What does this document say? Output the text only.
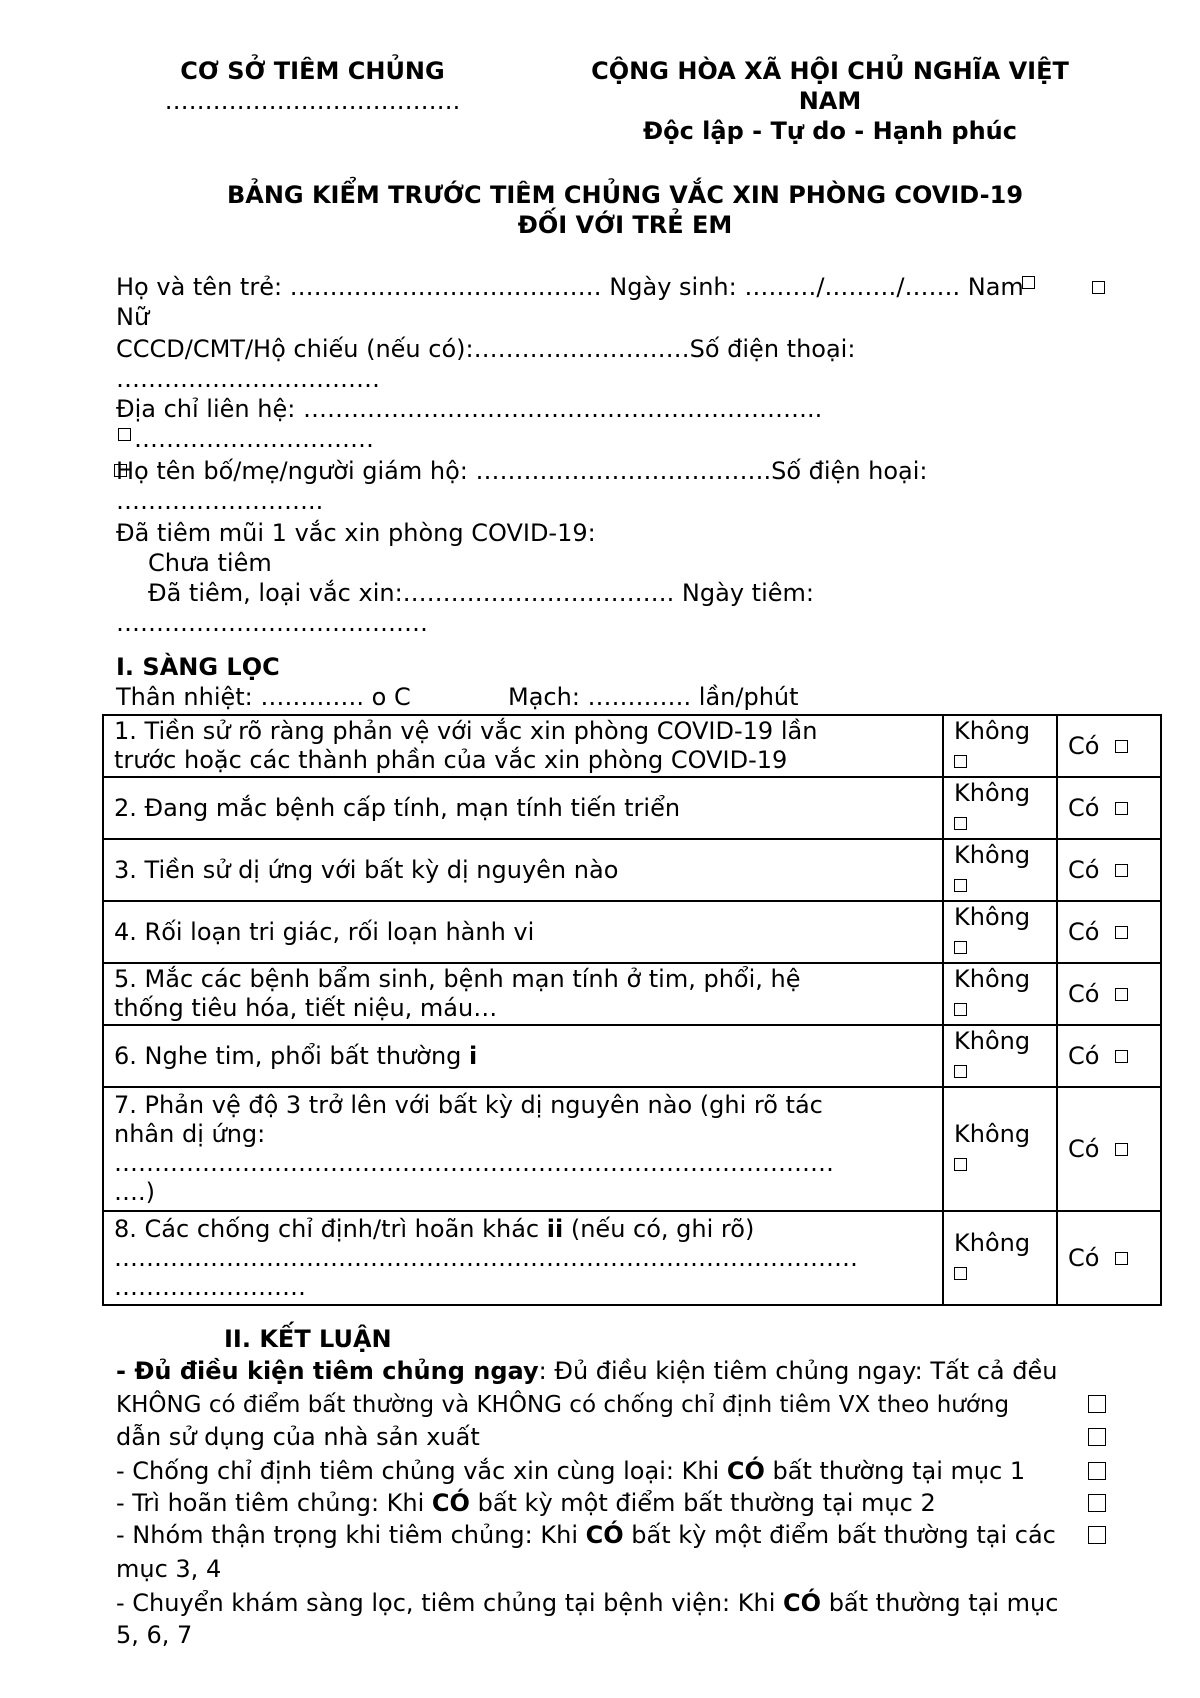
CƠ SỞ TIÊM CHỦNG
……………………………….
CỘNG HÒA XÃ HỘI CHỦ NGHĨA VIỆT
NAM
Độc lập - Tự do - Hạnh phúc
BẢNG KIỂM TRƯỚC TIÊM CHỦNG VẮC XIN PHÒNG COVID-19
ĐỐI VỚI TRẺ EM
Họ và tên trẻ: ………………………………… Ngày sinh: ………/………/……. Nam
Nữ
CCCD/CMT/Hộ chiếu (nếu có):………………………Số điện thoại:
……………………………
Địa chỉ liên hệ: ………………………………………………………..
…………………………
Họ tên bố/mẹ/người giám hộ: ……………………………….Số điện hoại:
……………………..
Đã tiêm mũi 1 vắc xin phòng COVID-19:
Chưa tiêm
Đã tiêm, loại vắc xin:……………………………. Ngày tiêm:
…………………………………
I. SÀNG LỌC
Thân nhiệt: …………. o C	Mạch: …………. lần/phút
1. Tiền sử rõ ràng phản vệ với vắc xin phòng COVID-19 lần
trước hoặc các thành phần của vắc xin phòng COVID-19	Không	Có

2. Đang mắc bệnh cấp tính, mạn tính tiến triển	Không	Có

3. Tiền sử dị ứng với bất kỳ dị nguyên nào	Không	Có

4. Rối loạn tri giác, rối loạn hành vi	Không	Có

5. Mắc các bệnh bẩm sinh, bệnh mạn tính ở tim, phổi, hệ
thống tiêu hóa, tiết niệu, máu…	Không	Có
6. Nghe tim, phổi bất thường i	Không	Có

7. Phản vệ độ 3 trở lên với bất kỳ dị nguyên nào (ghi rõ tác
nhân dị ứng:
………………………………………………………………………………
….)	Không	Có

8. Các chống chỉ định/trì hoãn khác ii (nếu có, ghi rõ)
…………………………………………………………………………………
……………………	Không	Có
II. KẾT LUẬN
- Đủ điều kiện tiêm chủng ngay: Đủ điều kiện tiêm chủng ngay: Tất cả đều
KHÔNG có điểm bất thường và KHÔNG có chống chỉ định tiêm VX theo hướng
dẫn sử dụng của nhà sản xuất
- Chống chỉ định tiêm chủng vắc xin cùng loại: Khi CÓ bất thường tại mục 1
- Trì hoãn tiêm chủng: Khi CÓ bất kỳ một điểm bất thường tại mục 2
- Nhóm thận trọng khi tiêm chủng: Khi CÓ bất kỳ một điểm bất thường tại các
mục 3, 4
- Chuyển khám sàng lọc, tiêm chủng tại bệnh viện: Khi CÓ bất thường tại mục
5, 6, 7
